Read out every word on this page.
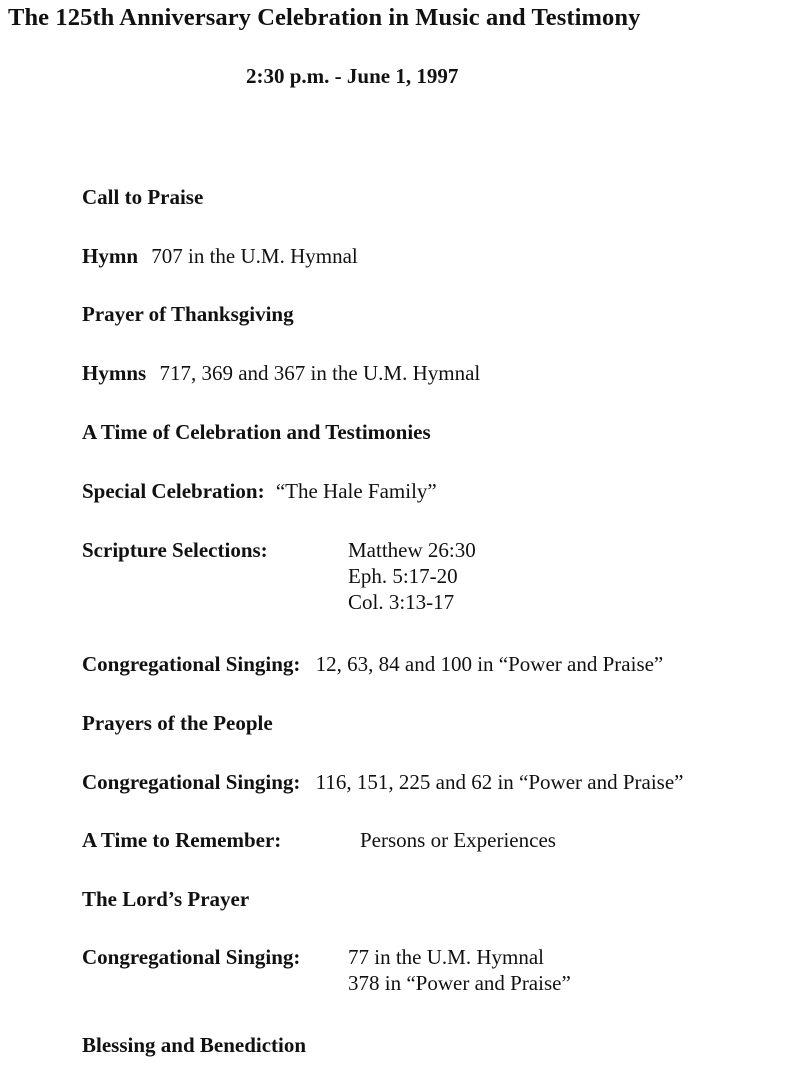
The 125th Anniversary Celebration in Music and Testimony
2:30 p.m. - June 1, 1997
Call to Praise
Hymn 707 in the U.M. Hymnal
Prayer of Thanksgiving
Hymns 717, 369 and 367 in the U.M. Hymnal
A Time of Celebration and Testimonies
Special Celebration: “The Hale Family”
Scripture Selections:	Matthew 26:30
Eph. 5:17-20
Col. 3:13-17
Congregational Singing: 12, 63, 84 and 100 in “Power and Praise”
Prayers of the People
Congregational Singing: 116, 151, 225 and 62 in “Power and Praise”
A Time to Remember:	Persons or Experiences
The Lord’s Prayer
Congregational Singing: 77 in the U.M. Hymnal
378 in “Power and Praise”
Blessing and Benediction
